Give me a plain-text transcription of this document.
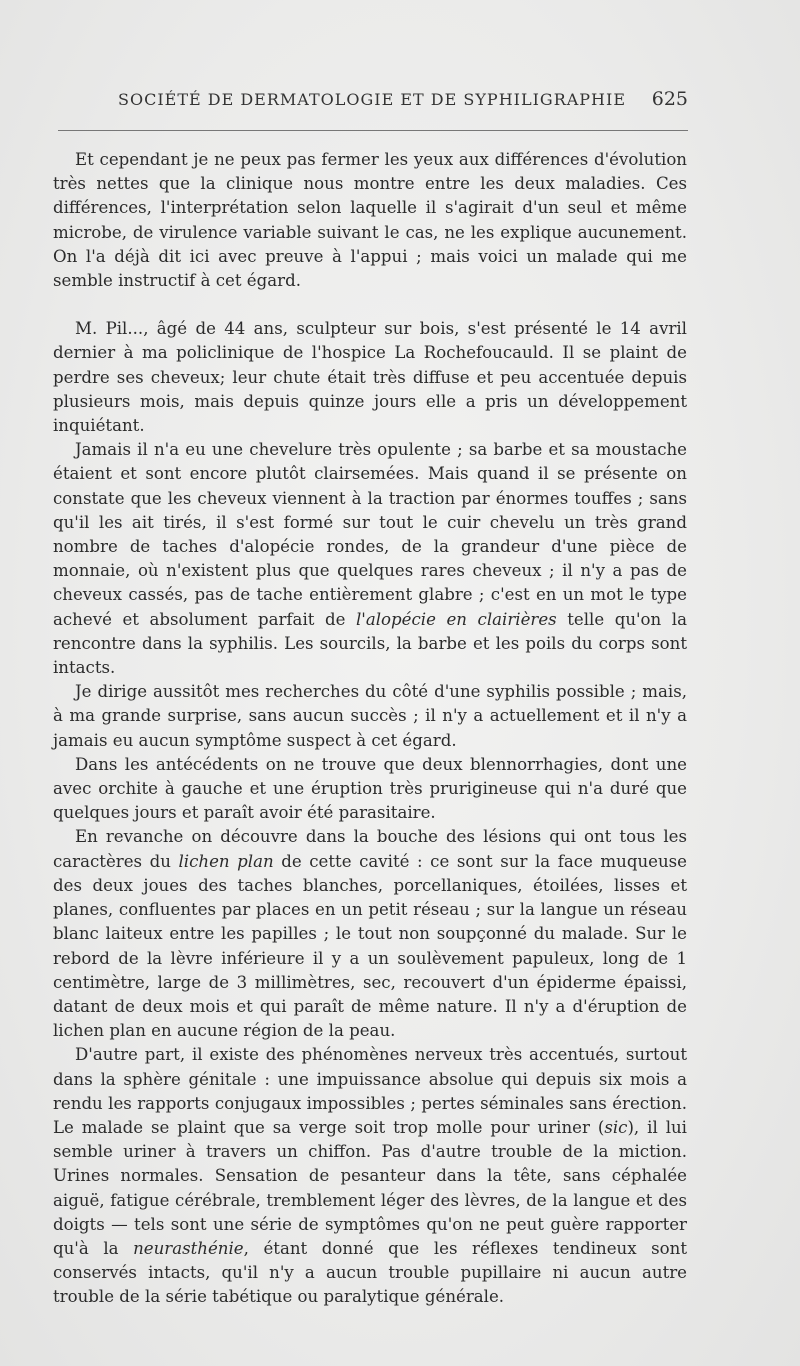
SOCIÉTÉ DE DERMATOLOGIE ET DE SYPHILIGRAPHIE 625

Et cependant je ne peux pas fermer les yeux aux différences d'évolution très nettes que la clinique nous montre entre les deux maladies. Ces différences, l'interprétation selon laquelle il s'agirait d'un seul et même microbe, de virulence variable suivant le cas, ne les explique aucunement. On l'a déjà dit ici avec preuve à l'appui ; mais voici un malade qui me semble instructif à cet égard.

M. Pil..., âgé de 44 ans, sculpteur sur bois, s'est présenté le 14 avril dernier à ma policlinique de l'hospice La Rochefoucauld. Il se plaint de perdre ses cheveux; leur chute était très diffuse et peu accentuée depuis plusieurs mois, mais depuis quinze jours elle a pris un développement inquiétant.

Jamais il n'a eu une chevelure très opulente ; sa barbe et sa moustache étaient et sont encore plutôt clairsemées. Mais quand il se présente on constate que les cheveux viennent à la traction par énormes touffes ; sans qu'il les ait tirés, il s'est formé sur tout le cuir chevelu un très grand nombre de taches d'alopécie rondes, de la grandeur d'une pièce de monnaie, où n'existent plus que quelques rares cheveux ; il n'y a pas de cheveux cassés, pas de tache entièrement glabre ; c'est en un mot le type achevé et absolument parfait de l'alopécie en clairières telle qu'on la rencontre dans la syphilis. Les sourcils, la barbe et les poils du corps sont intacts.

Je dirige aussitôt mes recherches du côté d'une syphilis possible ; mais, à ma grande surprise, sans aucun succès ; il n'y a actuellement et il n'y a jamais eu aucun symptôme suspect à cet égard.

Dans les antécédents on ne trouve que deux blennorrhagies, dont une avec orchite à gauche et une éruption très prurigineuse qui n'a duré que quelques jours et paraît avoir été parasitaire.

En revanche on découvre dans la bouche des lésions qui ont tous les caractères du lichen plan de cette cavité : ce sont sur la face muqueuse des deux joues des taches blanches, porcellaniques, étoilées, lisses et planes, confluentes par places en un petit réseau ; sur la langue un réseau blanc laiteux entre les papilles ; le tout non soupçonné du malade. Sur le rebord de la lèvre inférieure il y a un soulèvement papuleux, long de 1 centimètre, large de 3 millimètres, sec, recouvert d'un épiderme épaissi, datant de deux mois et qui paraît de même nature. Il n'y a d'éruption de lichen plan en aucune région de la peau.

D'autre part, il existe des phénomènes nerveux très accentués, surtout dans la sphère génitale : une impuissance absolue qui depuis six mois a rendu les rapports conjugaux impossibles ; pertes séminales sans érection. Le malade se plaint que sa verge soit trop molle pour uriner (sic), il lui semble uriner à travers un chiffon. Pas d'autre trouble de la miction. Urines normales. Sensation de pesanteur dans la tête, sans céphalée aiguë, fatigue cérébrale, tremblement léger des lèvres, de la langue et des doigts — tels sont une série de symptômes qu'on ne peut guère rapporter qu'à la neurasthénie, étant donné que les réflexes tendineux sont conservés intacts, qu'il n'y a aucun trouble pupillaire ni aucun autre trouble de la série tabétique ou paralytique générale.
